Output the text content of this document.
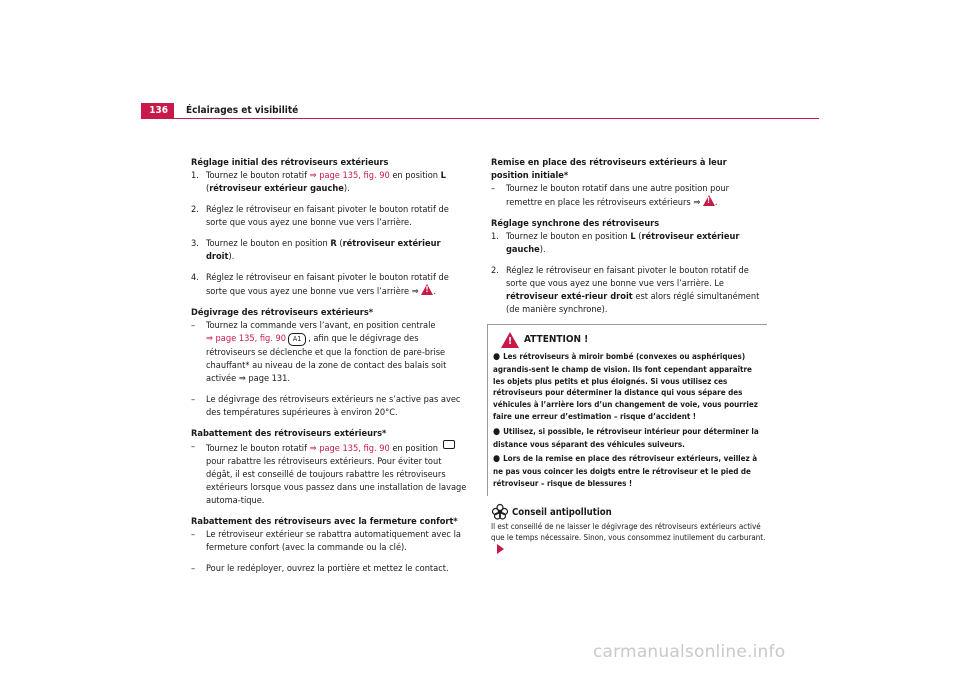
136	Éclairages et visibilité
Réglage initial des rétroviseurs extérieurs

1. Tournez le bouton rotatif ⇒ page 135, fig. 90 en position L
(rétroviseur extérieur gauche).

2. Réglez le rétroviseur en faisant pivoter le bouton rotatif de sorte que vous ayez une bonne vue vers l’arrière.

3. Tournez le bouton en position R (rétroviseur extérieur droit).

4. Réglez le rétroviseur en faisant pivoter le bouton rotatif de sorte que vous ayez une bonne vue vers l’arrière ⇒ ! .

Dégivrage des rétroviseurs extérieurs*

– Tournez la commande vers l’avant, en position centrale
⇒ page 135, fig. 90 A1 , afin que le dégivrage des rétroviseurs se déclenche et que la fonction de pare-brise chauffant* au niveau de la zone de contact des balais soit activée ⇒ page 131.

– Le dégivrage des rétroviseurs extérieurs ne s’active pas avec des températures supérieures à environ 20°C.

Rabattement des rétroviseurs extérieurs*

– Tournez le bouton rotatif ⇒ page 135, fig. 90 en position
pour rabattre les rétroviseurs extérieurs. Pour éviter tout dégât, il est conseillé de toujours rabattre les rétroviseurs extérieurs lorsque vous passez dans une installation de lavage automa-tique.

Rabattement des rétroviseurs avec la fermeture confort*

– Le rétroviseur extérieur se rabattra automatiquement avec la fermeture confort (avec la commande ou la clé).

– Pour le redéployer, ouvrez la portière et mettez le contact.

Remise en place des rétroviseurs extérieurs à leur position initiale*

– Tournez le bouton rotatif dans une autre position pour remettre en place les rétroviseurs extérieurs ⇒ ! .

Réglage synchrone des rétroviseurs

1. Tournez le bouton en position L (rétroviseur extérieur gauche).

2. Réglez le rétroviseur en faisant pivoter le bouton rotatif de sorte que vous ayez une bonne vue vers l’arrière. Le rétroviseur exté-rieur droit est alors réglé simultanément (de manière synchrone).

!
ATTENTION !

● Les rétroviseurs à miroir bombé (convexes ou asphériques) agrandis-sent le champ de vision. Ils font cependant apparaître les objets plus petits et plus éloignés. Si vous utilisez ces rétroviseurs pour déterminer la distance qui vous sépare des véhicules à l’arrière lors d’un changement de voie, vous pourriez faire une erreur d’estimation – risque d’accident !

● Utilisez, si possible, le rétroviseur intérieur pour déterminer la distance vous séparant des véhicules suiveurs.

● Lors de la remise en place des rétroviseur extérieurs, veillez à ne pas vous coincer les doigts entre le rétroviseur et le pied de rétroviseur – risque de blessures !

Conseil antipollution
Il est conseillé de ne laisser le dégivrage des rétroviseurs extérieurs activé que le temps nécessaire. Sinon, vous consommez inutilement du carburant.
carmanualsonline.info
